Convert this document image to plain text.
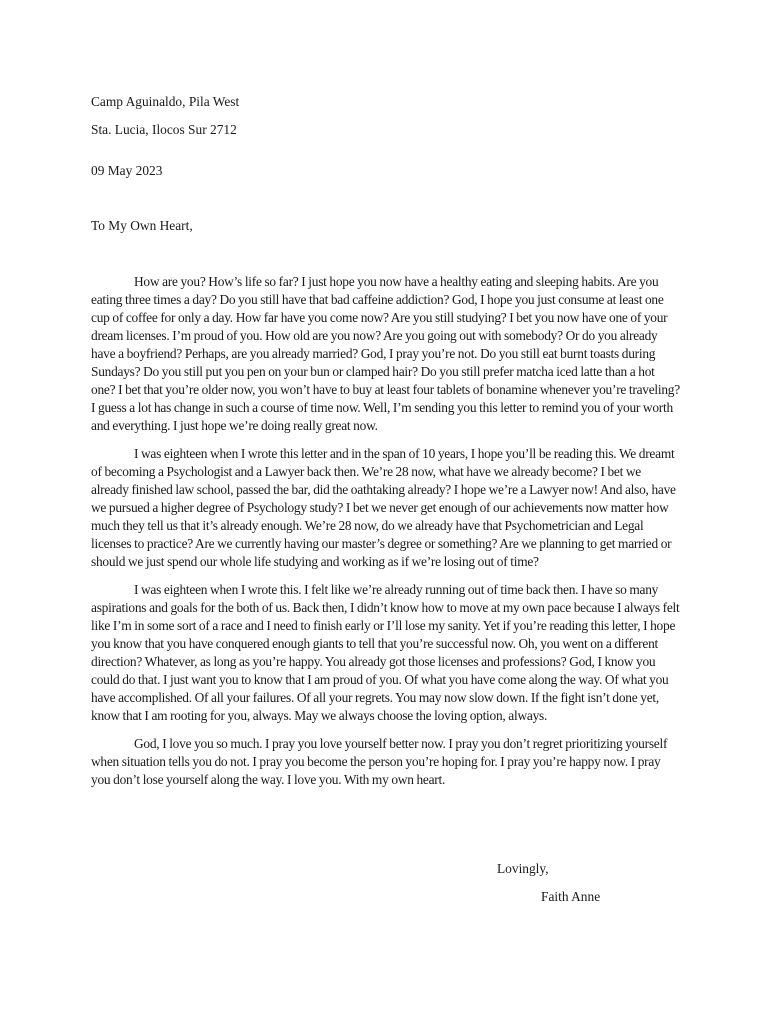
Camp Aguinaldo, Pila West
Sta. Lucia, Ilocos Sur 2712
09 May 2023
To My Own Heart,

How are you? How’s life so far? I just hope you now have a healthy eating and sleeping habits. Are you eating three times a day? Do you still have that bad caffeine addiction? God, I hope you just consume at least one cup of coffee for only a day. How far have you come now? Are you still studying? I bet you now have one of your dream licenses. I’m proud of you. How old are you now? Are you going out with somebody? Or do you already have a boyfriend? Perhaps, are you already married? God, I pray you’re not. Do you still eat burnt toasts during Sundays? Do you still put you pen on your bun or clamped hair? Do you still prefer matcha iced latte than a hot one? I bet that you’re older now, you won’t have to buy at least four tablets of bonamine whenever you’re traveling? I guess a lot has change in such a course of time now. Well, I’m sending you this letter to remind you of your worth and everything. I just hope we’re doing really great now.

I was eighteen when I wrote this letter and in the span of 10 years, I hope you’ll be reading this. We dreamt of becoming a Psychologist and a Lawyer back then. We’re 28 now, what have we already become? I bet we already finished law school, passed the bar, did the oathtaking already? I hope we’re a Lawyer now! And also, have we pursued a higher degree of Psychology study? I bet we never get enough of our achievements now matter how much they tell us that it’s already enough. We’re 28 now, do we already have that Psychometrician and Legal licenses to practice? Are we currently having our master’s degree or something? Are we planning to get married or should we just spend our whole life studying and working as if we’re losing out of time?

I was eighteen when I wrote this. I felt like we’re already running out of time back then. I have so many aspirations and goals for the both of us. Back then, I didn’t know how to move at my own pace because I always felt like I’m in some sort of a race and I need to finish early or I’ll lose my sanity. Yet if you’re reading this letter, I hope you know that you have conquered enough giants to tell that you’re successful now. Oh, you went on a different direction? Whatever, as long as you’re happy. You already got those licenses and professions? God, I know you could do that. I just want you to know that I am proud of you. Of what you have come along the way. Of what you have accomplished. Of all your failures. Of all your regrets. You may now slow down. If the fight isn’t done yet, know that I am rooting for you, always. May we always choose the loving option, always.

God, I love you so much. I pray you love yourself better now. I pray you don’t regret prioritizing yourself when situation tells you do not. I pray you become the person you’re hoping for. I pray you’re happy now. I pray you don’t lose yourself along the way. I love you. With my own heart.

Lovingly,
Faith Anne
